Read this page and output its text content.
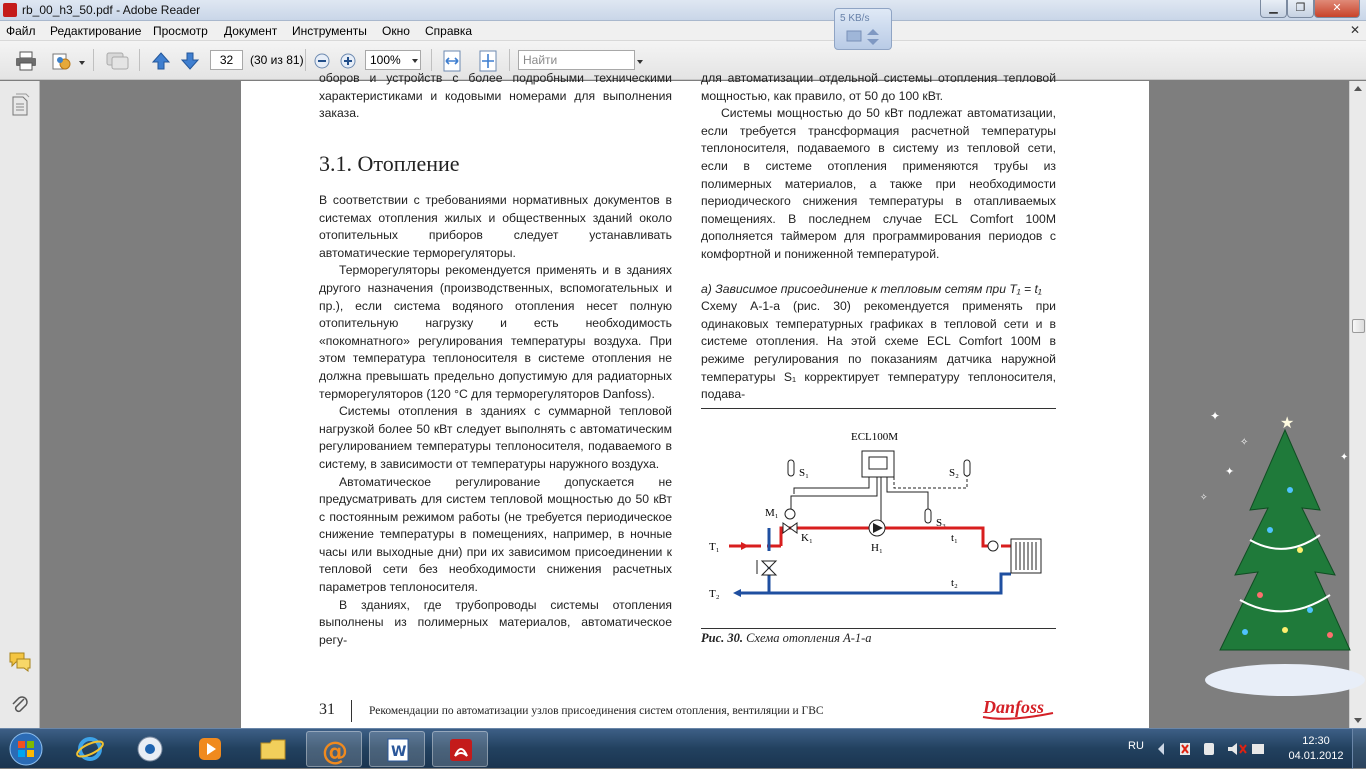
rb_00_h3_50.pdf - Adobe Reader	▁	❐	✕
Файл Редактирование Просмотр Документ Инструменты Окно Справка	✕
32	(30 из 81)	100%	Найти
5 KB/s

оборов и устройств с более подробными техническими характеристиками и кодовыми номерами для выполнения заказа.

3.1. Отопление

В соответствии с требованиями нормативных документов в системах отопления жилых и общественных зданий около отопительных приборов следует устанавливать автоматические терморегуляторы.

Терморегуляторы рекомендуется применять и в зданиях другого назначения (производственных, вспомогательных и пр.), если система водяного отопления несет полную отопительную нагрузку и есть необходимость «покомнатного» регулирования температуры воздуха. При этом температура теплоносителя в системе отопления не должна превышать предельно допустимую для радиаторных терморегуляторов (120 °С для терморегуляторов Danfoss).

Системы отопления в зданиях с суммарной тепловой нагрузкой более 50 кВт следует выполнять с автоматическим регулированием температуры теплоносителя, подаваемого в систему, в зависимости от температуры наружного воздуха.

Автоматическое регулирование допускается не предусматривать для систем тепловой мощностью до 50 кВт с постоянным режимом работы (не требуется периодическое снижение температуры в помещениях, например, в ночные часы или выходные дни) при их зависимом присоединении к тепловой сети без необходимости снижения расчетных параметров теплоносителя.

В зданиях, где трубопроводы системы отопления выполнены из полимерных материалов, автоматическое регу-

для автоматизации отдельной системы отопления тепловой мощностью, как правило, от 50 до 100 кВт.

Системы мощностью до 50 кВт подлежат автоматизации, если требуется трансформация расчетной температуры теплоносителя, подаваемого в систему из тепловой сети, если в системе отопления применяются трубы из полимерных материалов, а также при необходимости периодического снижения температуры в отапливаемых помещениях. В последнем случае ECL Comfort 100M дополняется таймером для программирования периодов с комфортной и пониженной температурой.

а) Зависимое присоединение к тепловым сетям при T₁ = t₁

Схему А-1-а (рис. 30) рекомендуется применять при одинаковых температурных графиках в тепловой сети и в системе отопления. На этой схеме ECL Comfort 100M в режиме регулирования по показаниям датчика наружной температуры S₁ корректирует температуру теплоносителя, подава-

ECL100M
S₁	S₂
S₃
M₁
K₁
H₁
T₁
T₂
t₁
t₂
Рис. 30. Схема отопления А-1-а
31	Рекомендации по автоматизации узлов присоединения систем отопления, вентиляции и ГВС	Danfoss
✦
✧
✦
✧
✦
★
@	W	RU	12:30
04.01.2012
